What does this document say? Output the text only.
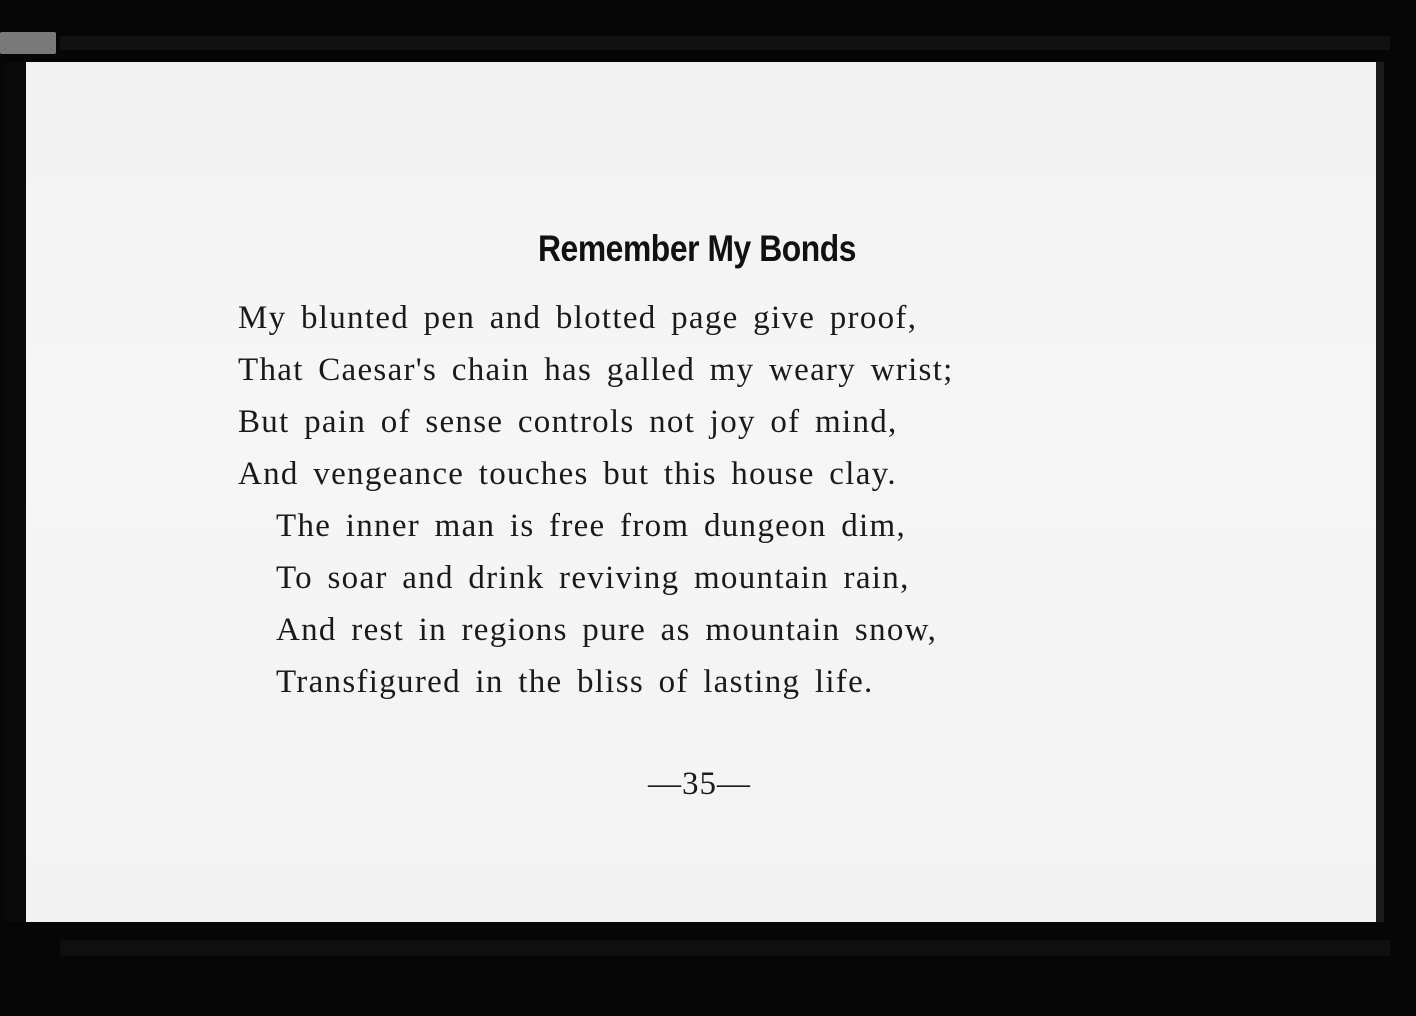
Remember My Bonds
My blunted pen and blotted page give proof,
That Caesar's chain has galled my weary wrist;
But pain of sense controls not joy of mind,
And vengeance touches but this house clay.
The inner man is free from dungeon dim,
To soar and drink reviving mountain rain,
And rest in regions pure as mountain snow,
Transfigured in the bliss of lasting life.
—35—
